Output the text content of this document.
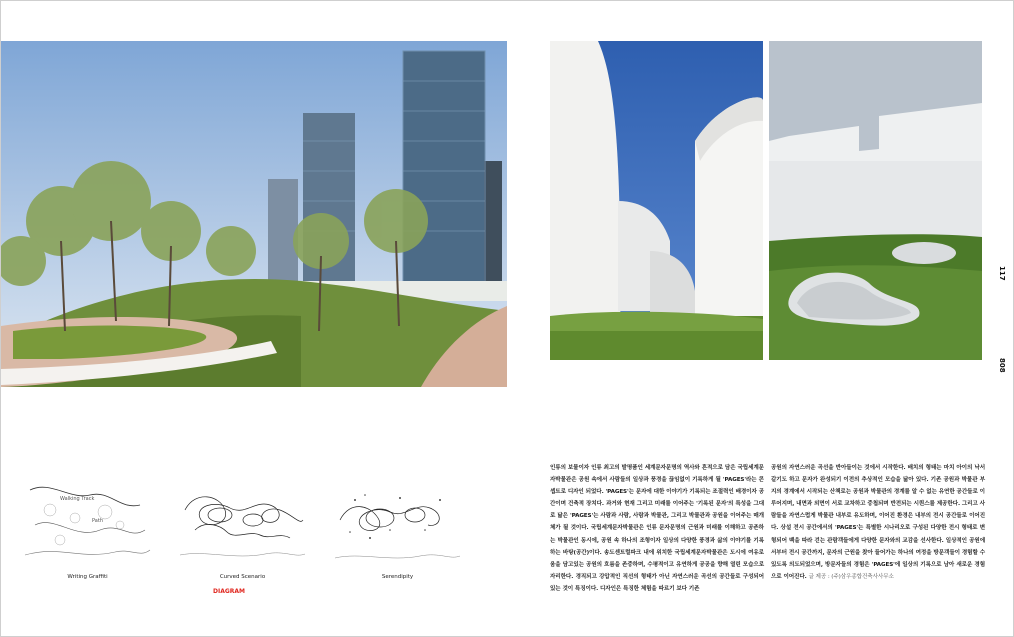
117
808
Walking Track
Path
Writing Graffiti	Curved Scenario	Serendipity
DIAGRAM
인류의 보물이자 인류 최고의 발명품인 세계문자문명의 역사와 흔적으로 담은 국립세계문자박물관은 공원 속에서 사람들의 일상과 풍경을 끊임없이 기록하게 될 'PAGES'라는 콘셉트로 디자인 되었다. 'PAGES'는 문자에 대한 이야기가 기록되는 조절력인 배경이자 공간이며 건축적 장치다. 과거와 현재 그리고 미래를 이어주는 '기록된 문자'의 특성을 그대로 닮은 'PAGES'는 사람과 사람, 사람과 박물관, 그리고 박물관과 공원을 이어주는 매개체가 될 것이다. 국립세계문자박물관은 인류 문자문명의 근원과 미래를 이해하고 공존하는 박물관인 동시에, 공원 속 하나의 조형이자 일상의 다양한 풍경과 삶의 이야기를 기록하는 바탕(공간)이다. 송도센트럴파크 내에 위치한 국립세계문자박물관은 도시에 여유로움을 담고있는 공원의 흐름을 존중하며, 수평적이고 유연하게 공공을 향해 열린 모습으로 자리한다. 경직되고 강압적인 직선의 형태가 아닌 자연스러운 곡선의 공간들로 구성되어 있는 것이 특징이다. 디자인은 특징한 체험을 따르기 보다 기존
공원의 자연스러운 곡선을 반아들이는 것에서 시작한다. 배치의 형태는 마치 아이의 낙서 같기도 하고 문자가 완성되기 이전의 추상적인 모습을 닮아 있다. 기존 공원과 박물관 부지의 경계에서 시작되는 산책로는 공원과 박물관의 경계를 알 수 없는 유연한 공간들로 이루어지며, 내면과 외면이 서로 교차하고 중첩되며 반전되는 시퀀스를 제공한다. 그리고 사람들을 자연스럽게 박물관 내부로 유도하며, 이어진 환경은 내부의 전시 공간들로 이어진다. 상설 전시 공간에서의 'PAGES'는 특별한 시나리오로 구성된 다양한 전시 형태로 변형되어 백을 따라 걷는 관람객들에게 다양한 문자와의 교감을 선사한다. 일상적인 공원에서부터 전시 공간까지, 문자의 근원을 찾아 들어가는 하나의 여정을 방문객들이 경험할 수 있도록 의도되었으며, 방문자들의 경험은 'PAGES'에 일상의 기록으로 남아 새로운 경험으로 이어진다. 글 제공 : (주)삼우종합건축사사무소
